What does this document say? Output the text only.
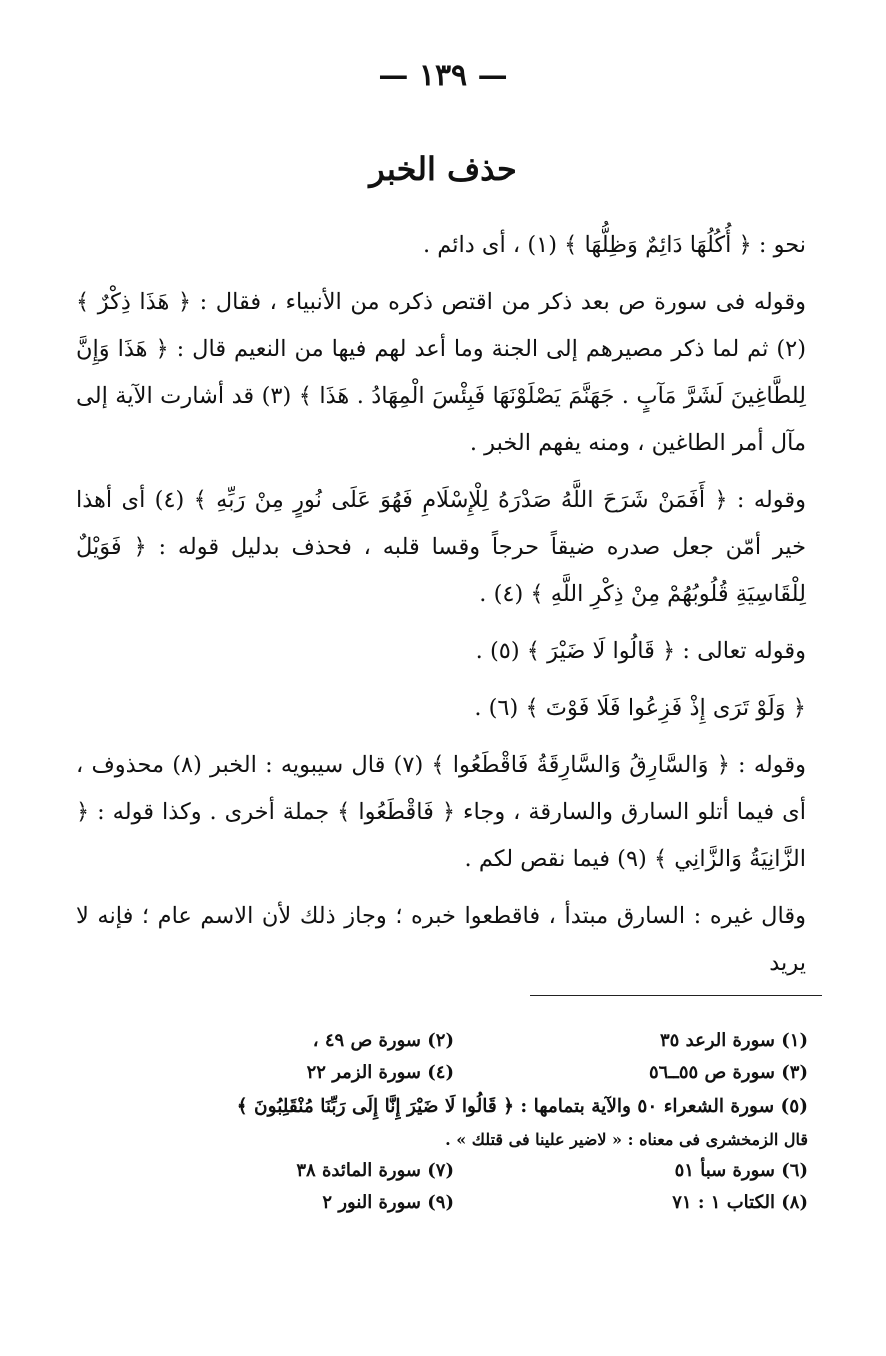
— ١٣٩ —
حذف الخبر

نحو : ﴿ أُكُلُهَا دَائِمٌ وَظِلُّهَا ﴾ (١) ، أى دائم .

وقوله فى سورة ص بعد ذكر من اقتص ذكره من الأنبياء ، فقال : ﴿ هَذَا ذِكْرٌ ﴾ (٢) ثم لما ذكر مصيرهم إلى الجنة وما أعد لهم فيها من النعيم قال : ﴿ هَذَا وَإِنَّ لِلطَّاغِينَ لَشَرَّ مَآبٍ . جَهَنَّمَ يَصْلَوْنَهَا فَبِئْسَ الْمِهَادُ . هَذَا ﴾ (٣) قد أشارت الآية إلى مآل أمر الطاغين ، ومنه يفهم الخبر .

وقوله : ﴿ أَفَمَنْ شَرَحَ اللَّهُ صَدْرَهُ لِلْإِسْلَامِ فَهُوَ عَلَى نُورٍ مِنْ رَبِّهِ ﴾ (٤) أى أهذا خير أمّن جعل صدره ضيقاً حرجاً وقسا قلبه ، فحذف بدليل قوله : ﴿ فَوَيْلٌ لِلْقَاسِيَةِ قُلُوبُهُمْ مِنْ ذِكْرِ اللَّهِ ﴾ (٤) .

وقوله تعالى : ﴿ قَالُوا لَا ضَيْرَ ﴾ (٥) .

﴿ وَلَوْ تَرَى إِذْ فَزِعُوا فَلَا فَوْتَ ﴾ (٦) .

وقوله : ﴿ وَالسَّارِقُ وَالسَّارِقَةُ فَاقْطَعُوا ﴾ (٧) قال سيبويه : الخبر (٨) محذوف ، أى فيما أتلو السارق والسارقة ، وجاء ﴿ فَاقْطَعُوا ﴾ جملة أخرى . وكذا قوله : ﴿ الزَّانِيَةُ وَالزَّانِي ﴾ (٩) فيما نقص لكم .

وقال غيره : السارق مبتدأ ، فاقطعوا خبره ؛ وجاز ذلك لأن الاسم عام ؛ فإنه لا يريد

(١) سورة الرعد ٣٥
(٢) سورة ص ٤٩ ،
(٣) سورة ص ٥٥ــ٥٦
(٤) سورة الزمر ٢٢
(٥) سورة الشعراء ٥٠ والآية بتمامها : ﴿ قَالُوا لَا ضَيْرَ إِنَّا إِلَى رَبِّنَا مُنْقَلِبُونَ ﴾
قال الزمخشرى فى معناه : « لاضير علينا فى قتلك » .
(٦) سورة سبأ ٥١
(٧) سورة المائدة ٣٨
(٨) الكتاب ١ : ٧١
(٩) سورة النور ٢
